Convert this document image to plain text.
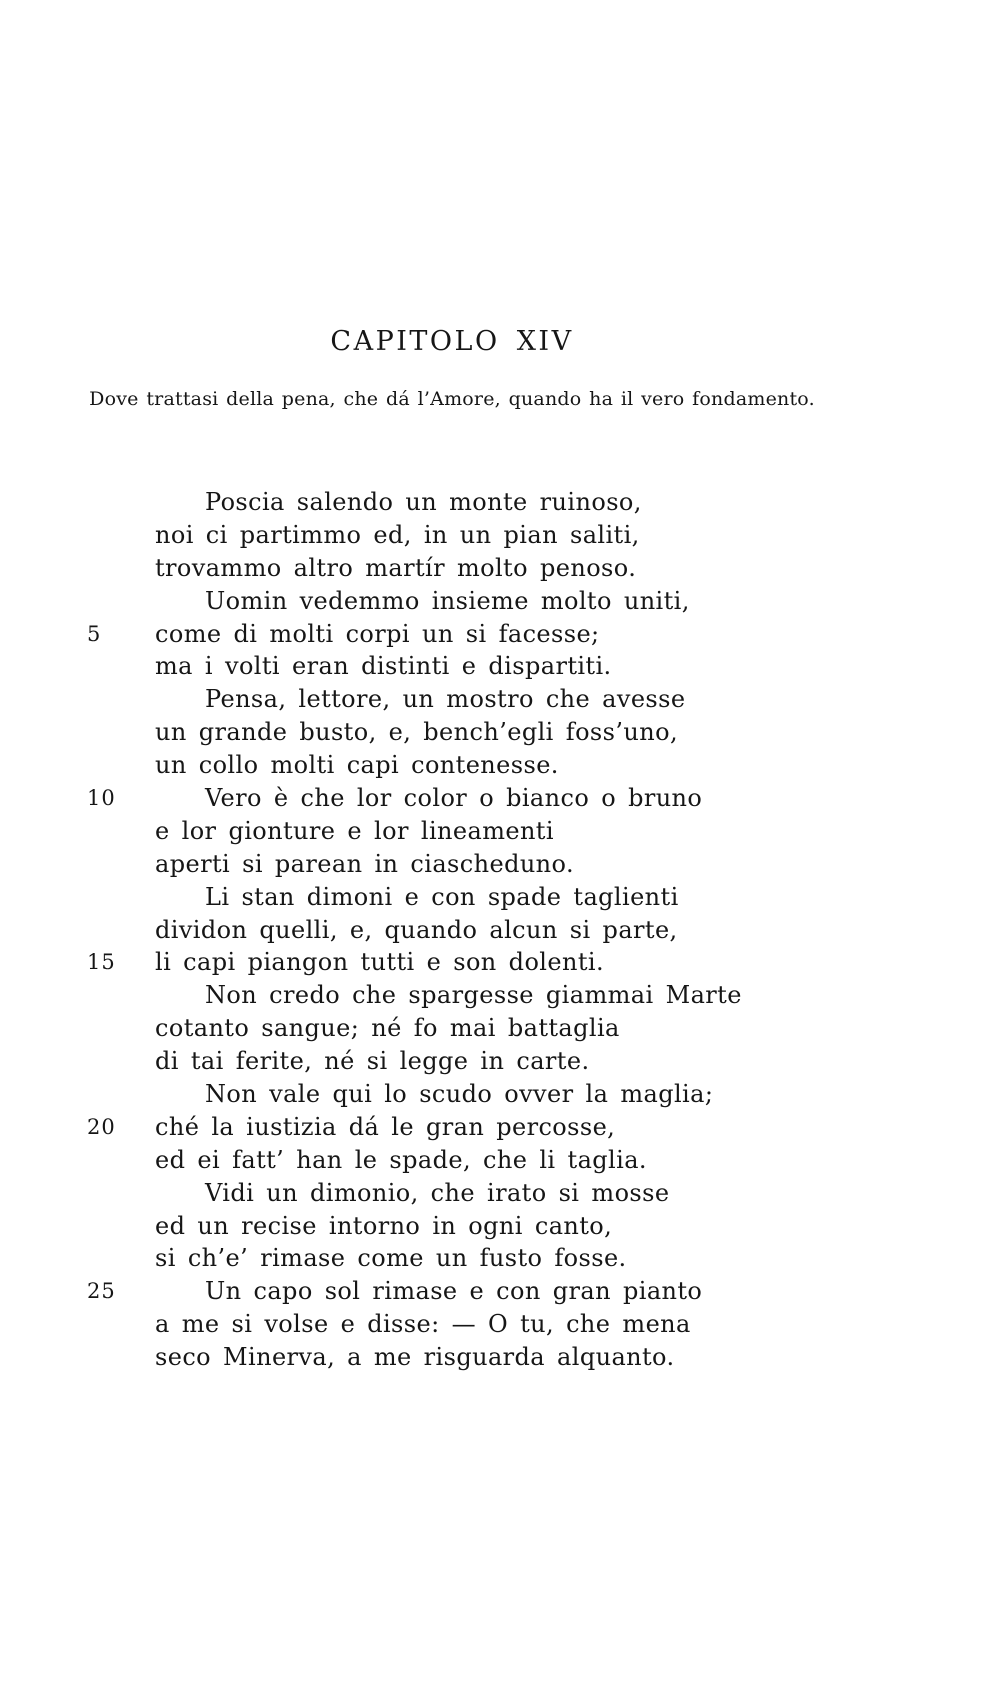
CAPITOLO XIV

Dove trattasi della pena, che dá l’Amore, quando ha il vero fondamento.

Poscia salendo un monte ruinoso,
noi ci partimmo ed, in un pian saliti,
trovammo altro martír molto penoso.
Uomin vedemmo insieme molto uniti,
5 come di molti corpi un si facesse;
ma i volti eran distinti e dispartiti.
Pensa, lettore, un mostro che avesse
un grande busto, e, bench’egli foss’uno,
un collo molti capi contenesse.
10	Vero è che lor color o bianco o bruno
e lor gionture e lor lineamenti
aperti si parean in ciascheduno.
Li stan dimoni e con spade taglienti
dividon quelli, e, quando alcun si parte,
15 li capi piangon tutti e son dolenti.
Non credo che spargesse giammai Marte
cotanto sangue; né fo mai battaglia
di tai ferite, né si legge in carte.
Non vale qui lo scudo ovver la maglia;
20 ché la iustizia dá le gran percosse,
ed ei fatt’ han le spade, che li taglia.
Vidi un dimonio, che irato si mosse
ed un recise intorno in ogni canto,
si ch’e’ rimase come un fusto fosse.
25	Un capo sol rimase e con gran pianto
a me si volse e disse: — O tu, che mena
seco Minerva, a me risguarda alquanto.
